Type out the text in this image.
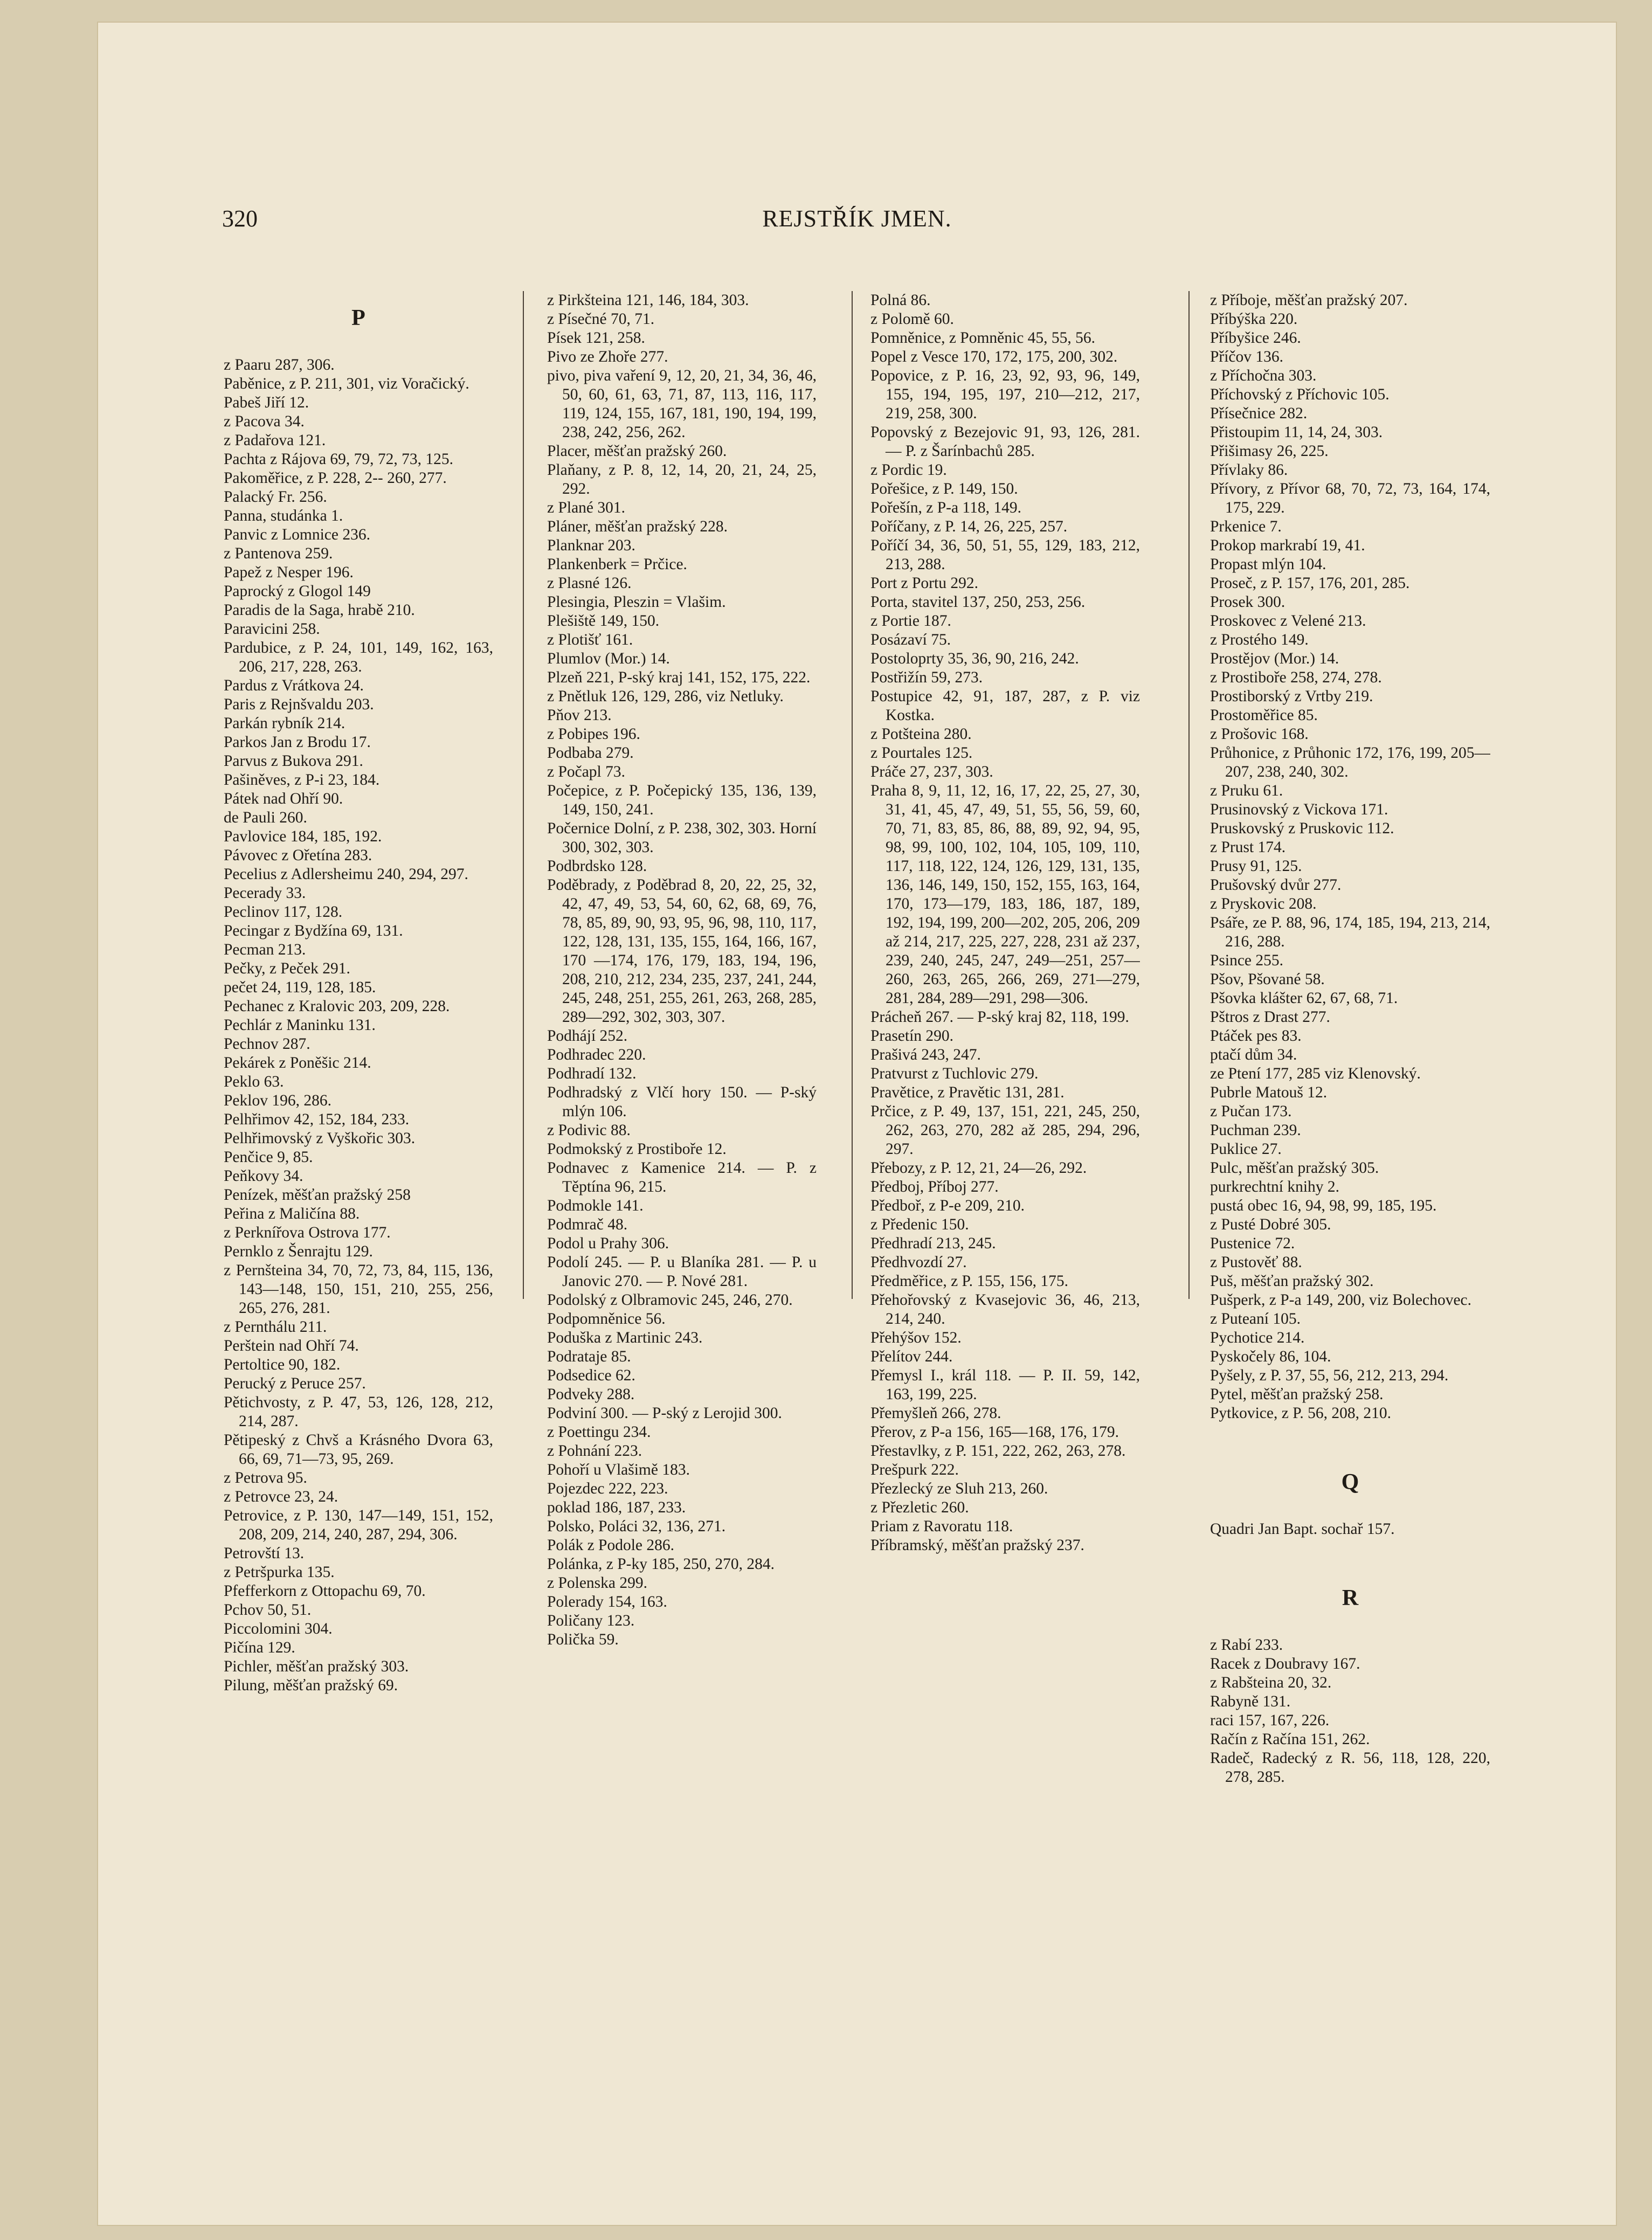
320	REJSTŘÍK JMEN.
P
z Paaru 287, 306.
Paběnice, z P. 211, 301, viz Voračický.
Pabeš Jiří 12.
z Pacova 34.
z Padařova 121.
Pachta z Rájova 69, 79, 72, 73, 125.
Pakoměřice, z P. 228, 2-- 260, 277.
Palacký Fr. 256.
Panna, studánka 1.
Panvic z Lomnice 236.
z Pantenova 259.
Papež z Nesper 196.
Paprocký z Glogol 149
Paradis de la Saga, hrabě 210.
Paravicini 258.
Pardubice, z P. 24, 101, 149, 162, 163, 206, 217, 228, 263.
Pardus z Vrátkova 24.
Paris z Rejnšvaldu 203.
Parkán rybník 214.
Parkos Jan z Brodu 17.
Parvus z Bukova 291.
Pašiněves, z P-i 23, 184.
Pátek nad Ohří 90.
de Pauli 260.
Pavlovice 184, 185, 192.
Pávovec z Ořetína 283.
Pecelius z Adlersheimu 240, 294, 297.
Pecerady 33.
Peclinov 117, 128.
Pecingar z Bydžína 69, 131.
Pecman 213.
Pečky, z Peček 291.
pečet 24, 119, 128, 185.
Pechanec z Kralovic 203, 209, 228.
Pechlár z Maninku 131.
Pechnov 287.
Pekárek z Poněšic 214.
Peklo 63.
Peklov 196, 286.
Pelhřimov 42, 152, 184, 233.
Pelhřimovský z Vyškořic 303.
Penčice 9, 85.
Peňkovy 34.
Penízek, měšťan pražský 258
Peřina z Maličína 88.
z Perknířova Ostrova 177.
Pernklo z Šenrajtu 129.
z Pernšteina 34, 70, 72, 73, 84, 115, 136, 143—148, 150, 151, 210, 255, 256, 265, 276, 281.
z Pernthálu 211.
Perštein nad Ohří 74.
Pertoltice 90, 182.
Perucký z Peruce 257.
Pětichvosty, z P. 47, 53, 126, 128, 212, 214, 287.
Pětipeský z Chvš a Krásného Dvora 63, 66, 69, 71—73, 95, 269.
z Petrova 95.
z Petrovce 23, 24.
Petrovice, z P. 130, 147—149, 151, 152, 208, 209, 214, 240, 287, 294, 306.
Petrovští 13.
z Petršpurka 135.
Pfefferkorn z Ottopachu 69, 70.
Pchov 50, 51.
Piccolomini 304.
Pičína 129.
Pichler, měšťan pražský 303.
Pilung, měšťan pražský 69.
z Pirkšteina 121, 146, 184, 303.
z Písečné 70, 71.
Písek 121, 258.
Pivo ze Zhoře 277.
pivo, piva vaření 9, 12, 20, 21, 34, 36, 46, 50, 60, 61, 63, 71, 87, 113, 116, 117, 119, 124, 155, 167, 181, 190, 194, 199, 238, 242, 256, 262.
Placer, měšťan pražský 260.
Plaňany, z P. 8, 12, 14, 20, 21, 24, 25, 292.
z Plané 301.
Pláner, měšťan pražský 228.
Planknar 203.
Plankenberk = Prčice.
z Plasné 126.
Plesingia, Pleszin = Vlašim.
Plešiště 149, 150.
z Plotišť 161.
Plumlov (Mor.) 14.
Plzeň 221, P-ský kraj 141, 152, 175, 222.
z Pnětluk 126, 129, 286, viz Netluky.
Pňov 213.
z Pobipes 196.
Podbaba 279.
z Počapl 73.
Počepice, z P. Počepický 135, 136, 139, 149, 150, 241.
Počernice Dolní, z P. 238, 302, 303. Horní 300, 302, 303.
Podbrdsko 128.
Poděbrady, z Poděbrad 8, 20, 22, 25, 32, 42, 47, 49, 53, 54, 60, 62, 68, 69, 76, 78, 85, 89, 90, 93, 95, 96, 98, 110, 117, 122, 128, 131, 135, 155, 164, 166, 167, 170 —174, 176, 179, 183, 194, 196, 208, 210, 212, 234, 235, 237, 241, 244, 245, 248, 251, 255, 261, 263, 268, 285, 289—292, 302, 303, 307.
Podhájí 252.
Podhradec 220.
Podhradí 132.
Podhradský z Vlčí hory 150. — P-ský mlýn 106.
z Podivic 88.
Podmokský z Prostiboře 12.
Podnavec z Kamenice 214. — P. z Těptína 96, 215.
Podmokle 141.
Podmrač 48.
Podol u Prahy 306.
Podolí 245. — P. u Blaníka 281. — P. u Janovic 270. — P. Nové 281.
Podolský z Olbramovic 245, 246, 270.
Podpomněnice 56.
Poduška z Martinic 243.
Podrataje 85.
Podsedice 62.
Podveky 288.
Podviní 300. — P-ský z Lerojid 300.
z Poettingu 234.
z Pohnání 223.
Pohoří u Vlašimě 183.
Pojezdec 222, 223.
poklad 186, 187, 233.
Polsko, Poláci 32, 136, 271.
Polák z Podole 286.
Polánka, z P-ky 185, 250, 270, 284.
z Polenska 299.
Polerady 154, 163.
Poličany 123.
Polička 59.
Polná 86.
z Polomě 60.
Pomněnice, z Pomněnic 45, 55, 56.
Popel z Vesce 170, 172, 175, 200, 302.
Popovice, z P. 16, 23, 92, 93, 96, 149, 155, 194, 195, 197, 210—212, 217, 219, 258, 300.
Popovský z Bezejovic 91, 93, 126, 281. — P. z Šarínbachů 285.
z Pordic 19.
Pořešice, z P. 149, 150.
Pořešín, z P-a 118, 149.
Poříčany, z P. 14, 26, 225, 257.
Poříčí 34, 36, 50, 51, 55, 129, 183, 212, 213, 288.
Port z Portu 292.
Porta, stavitel 137, 250, 253, 256.
z Portie 187.
Posázaví 75.
Postoloprty 35, 36, 90, 216, 242.
Postřižín 59, 273.
Postupice 42, 91, 187, 287, z P. viz Kostka.
z Potšteina 280.
z Pourtales 125.
Práče 27, 237, 303.
Praha 8, 9, 11, 12, 16, 17, 22, 25, 27, 30, 31, 41, 45, 47, 49, 51, 55, 56, 59, 60, 70, 71, 83, 85, 86, 88, 89, 92, 94, 95, 98, 99, 100, 102, 104, 105, 109, 110, 117, 118, 122, 124, 126, 129, 131, 135, 136, 146, 149, 150, 152, 155, 163, 164, 170, 173—179, 183, 186, 187, 189, 192, 194, 199, 200—202, 205, 206, 209 až 214, 217, 225, 227, 228, 231 až 237, 239, 240, 245, 247, 249—251, 257—260, 263, 265, 266, 269, 271—279, 281, 284, 289—291, 298—306.
Prácheň 267. — P-ský kraj 82, 118, 199.
Prasetín 290.
Prašivá 243, 247.
Pratvurst z Tuchlovic 279.
Pravětice, z Pravětic 131, 281.
Prčice, z P. 49, 137, 151, 221, 245, 250, 262, 263, 270, 282 až 285, 294, 296, 297.
Přebozy, z P. 12, 21, 24—26, 292.
Předboj, Příboj 277.
Předboř, z P-e 209, 210.
z Předenic 150.
Předhradí 213, 245.
Předhvozdí 27.
Předměřice, z P. 155, 156, 175.
Přehořovský z Kvasejovic 36, 46, 213, 214, 240.
Přehýšov 152.
Přelítov 244.
Přemysl I., král 118. — P. II. 59, 142, 163, 199, 225.
Přemyšleň 266, 278.
Přerov, z P-a 156, 165—168, 176, 179.
Přestavlky, z P. 151, 222, 262, 263, 278.
Prešpurk 222.
Přezlecký ze Sluh 213, 260.
z Přezletic 260.
Priam z Ravoratu 118.
Příbramský, měšťan pražský 237.
z Příboje, měšťan pražský 207.
Příbýška 220.
Příbyšice 246.
Příčov 136.
z Příchočna 303.
Příchovský z Příchovic 105.
Přísečnice 282.
Přistoupim 11, 14, 24, 303.
Přišimasy 26, 225.
Přívlaky 86.
Přívory, z Přívor 68, 70, 72, 73, 164, 174, 175, 229.
Prkenice 7.
Prokop markrabí 19, 41.
Propast mlýn 104.
Proseč, z P. 157, 176, 201, 285.
Prosek 300.
Proskovec z Velené 213.
z Prostého 149.
Prostějov (Mor.) 14.
z Prostiboře 258, 274, 278.
Prostiborský z Vrtby 219.
Prostoměřice 85.
z Prošovic 168.
Průhonice, z Průhonic 172, 176, 199, 205—207, 238, 240, 302.
z Pruku 61.
Prusinovský z Vickova 171.
Pruskovský z Pruskovic 112.
z Prust 174.
Prusy 91, 125.
Prušovský dvůr 277.
z Pryskovic 208.
Psáře, ze P. 88, 96, 174, 185, 194, 213, 214, 216, 288.
Psince 255.
Pšov, Pšované 58.
Pšovka klášter 62, 67, 68, 71.
Pštros z Drast 277.
Ptáček pes 83.
ptačí dům 34.
ze Ptení 177, 285 viz Klenovský.
Pubrle Matouš 12.
z Pučan 173.
Puchman 239.
Puklice 27.
Pulc, měšťan pražský 305.
purkrechtní knihy 2.
pustá obec 16, 94, 98, 99, 185, 195.
z Pusté Dobré 305.
Pustenice 72.
z Pustověť 88.
Puš, měšťan pražský 302.
Pušperk, z P-a 149, 200, viz Bolechovec.
z Puteaní 105.
Pychotice 214.
Pyskočely 86, 104.
Pyšely, z P. 37, 55, 56, 212, 213, 294.
Pytel, měšťan pražský 258.
Pytkovice, z P. 56, 208, 210.
Q
Quadri Jan Bapt. sochař 157.
R
z Rabí 233.
Racek z Doubravy 167.
z Rabšteina 20, 32.
Rabyně 131.
raci 157, 167, 226.
Račín z Račína 151, 262.
Radeč, Radecký z R. 56, 118, 128, 220, 278, 285.
